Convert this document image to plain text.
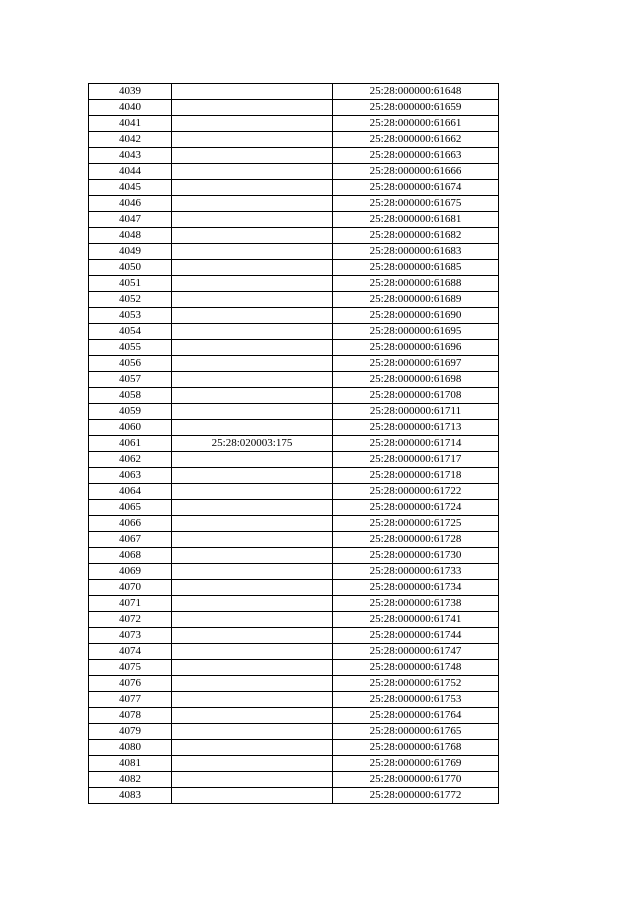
4039		25:28:000000:61648
4040		25:28:000000:61659
4041		25:28:000000:61661
4042		25:28:000000:61662
4043		25:28:000000:61663
4044		25:28:000000:61666
4045		25:28:000000:61674
4046		25:28:000000:61675
4047		25:28:000000:61681
4048		25:28:000000:61682
4049		25:28:000000:61683
4050		25:28:000000:61685
4051		25:28:000000:61688
4052		25:28:000000:61689
4053		25:28:000000:61690
4054		25:28:000000:61695
4055		25:28:000000:61696
4056		25:28:000000:61697
4057		25:28:000000:61698
4058		25:28:000000:61708
4059		25:28:000000:61711
4060		25:28:000000:61713
4061	25:28:020003:175	25:28:000000:61714
4062		25:28:000000:61717
4063		25:28:000000:61718
4064		25:28:000000:61722
4065		25:28:000000:61724
4066		25:28:000000:61725
4067		25:28:000000:61728
4068		25:28:000000:61730
4069		25:28:000000:61733
4070		25:28:000000:61734
4071		25:28:000000:61738
4072		25:28:000000:61741
4073		25:28:000000:61744
4074		25:28:000000:61747
4075		25:28:000000:61748
4076		25:28:000000:61752
4077		25:28:000000:61753
4078		25:28:000000:61764
4079		25:28:000000:61765
4080		25:28:000000:61768
4081		25:28:000000:61769
4082		25:28:000000:61770
4083		25:28:000000:61772
